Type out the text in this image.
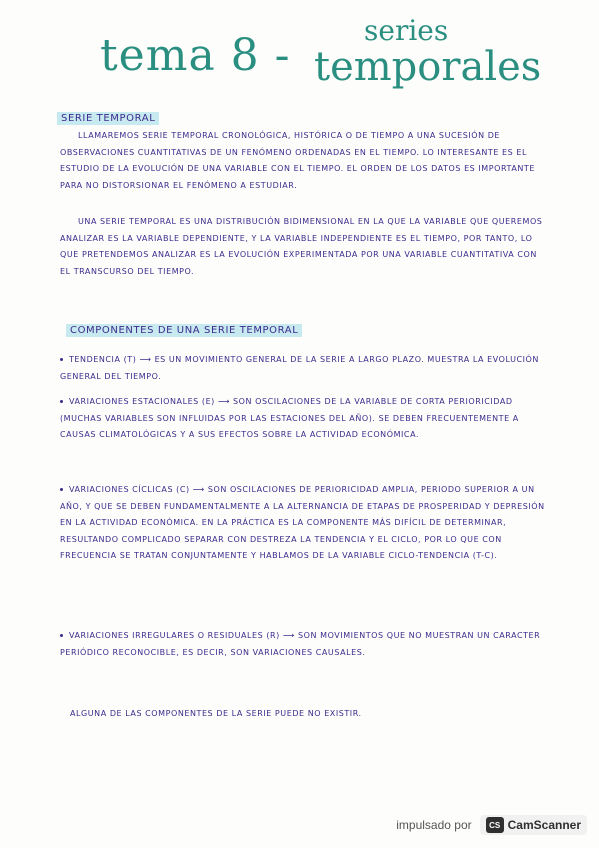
tema 8 -	series
temporales
SERIE TEMPORAL
LLAMAREMOS SERIE TEMPORAL CRONOLÓGICA, HISTÓRICA O DE TIEMPO A UNA SUCESIÓN DE OBSERVACIONES CUANTITATIVAS DE UN FENÓMENO ORDENADAS EN EL TIEMPO. LO INTERESANTE ES EL ESTUDIO DE LA EVOLUCIÓN DE UNA VARIABLE CON EL TIEMPO. EL ORDEN DE LOS DATOS ES IMPORTANTE PARA NO DISTORSIONAR EL FENÓMENO A ESTUDIAR.
UNA SERIE TEMPORAL ES UNA DISTRIBUCIÓN BIDIMENSIONAL EN LA QUE LA VARIABLE QUE QUEREMOS ANALIZAR ES LA VARIABLE DEPENDIENTE, Y LA VARIABLE INDEPENDIENTE ES EL TIEMPO, POR TANTO, LO QUE PRETENDEMOS ANALIZAR ES LA EVOLUCIÓN EXPERIMENTADA POR UNA VARIABLE CUANTITATIVA CON EL TRANSCURSO DEL TIEMPO.
COMPONENTES DE UNA SERIE TEMPORAL
TENDENCIA (T) ⟶ ES UN MOVIMIENTO GENERAL DE LA SERIE A LARGO PLAZO. MUESTRA LA EVOLUCIÓN GENERAL DEL TIEMPO.
VARIACIONES ESTACIONALES (E) ⟶ SON OSCILACIONES DE LA VARIABLE DE CORTA PERIORICIDAD (MUCHAS VARIABLES SON INFLUIDAS POR LAS ESTACIONES DEL AÑO). SE DEBEN FRECUENTEMENTE A CAUSAS CLIMATOLÓGICAS Y A SUS EFECTOS SOBRE LA ACTIVIDAD ECONÓMICA.
VARIACIONES CÍCLICAS (C) ⟶ SON OSCILACIONES DE PERIORICIDAD AMPLIA, PERIODO SUPERIOR A UN AÑO, Y QUE SE DEBEN FUNDAMENTALMENTE A LA ALTERNANCIA DE ETAPAS DE PROSPERIDAD Y DEPRESIÓN EN LA ACTIVIDAD ECONÓMICA. EN LA PRÁCTICA ES LA COMPONENTE MÁS DIFÍCIL DE DETERMINAR, RESULTANDO COMPLICADO SEPARAR CON DESTREZA LA TENDENCIA Y EL CICLO, POR LO QUE CON FRECUENCIA SE TRATAN CONJUNTAMENTE Y HABLAMOS DE LA VARIABLE CICLO-TENDENCIA (T-C).
VARIACIONES IRREGULARES O RESIDUALES (R) ⟶ SON MOVIMIENTOS QUE NO MUESTRAN UN CARACTER PERIÓDICO RECONOCIBLE, ES DECIR, SON VARIACIONES CAUSALES.
ALGUNA DE LAS COMPONENTES DE LA SERIE PUEDE NO EXISTIR.
impulsado por	CS CamScanner
